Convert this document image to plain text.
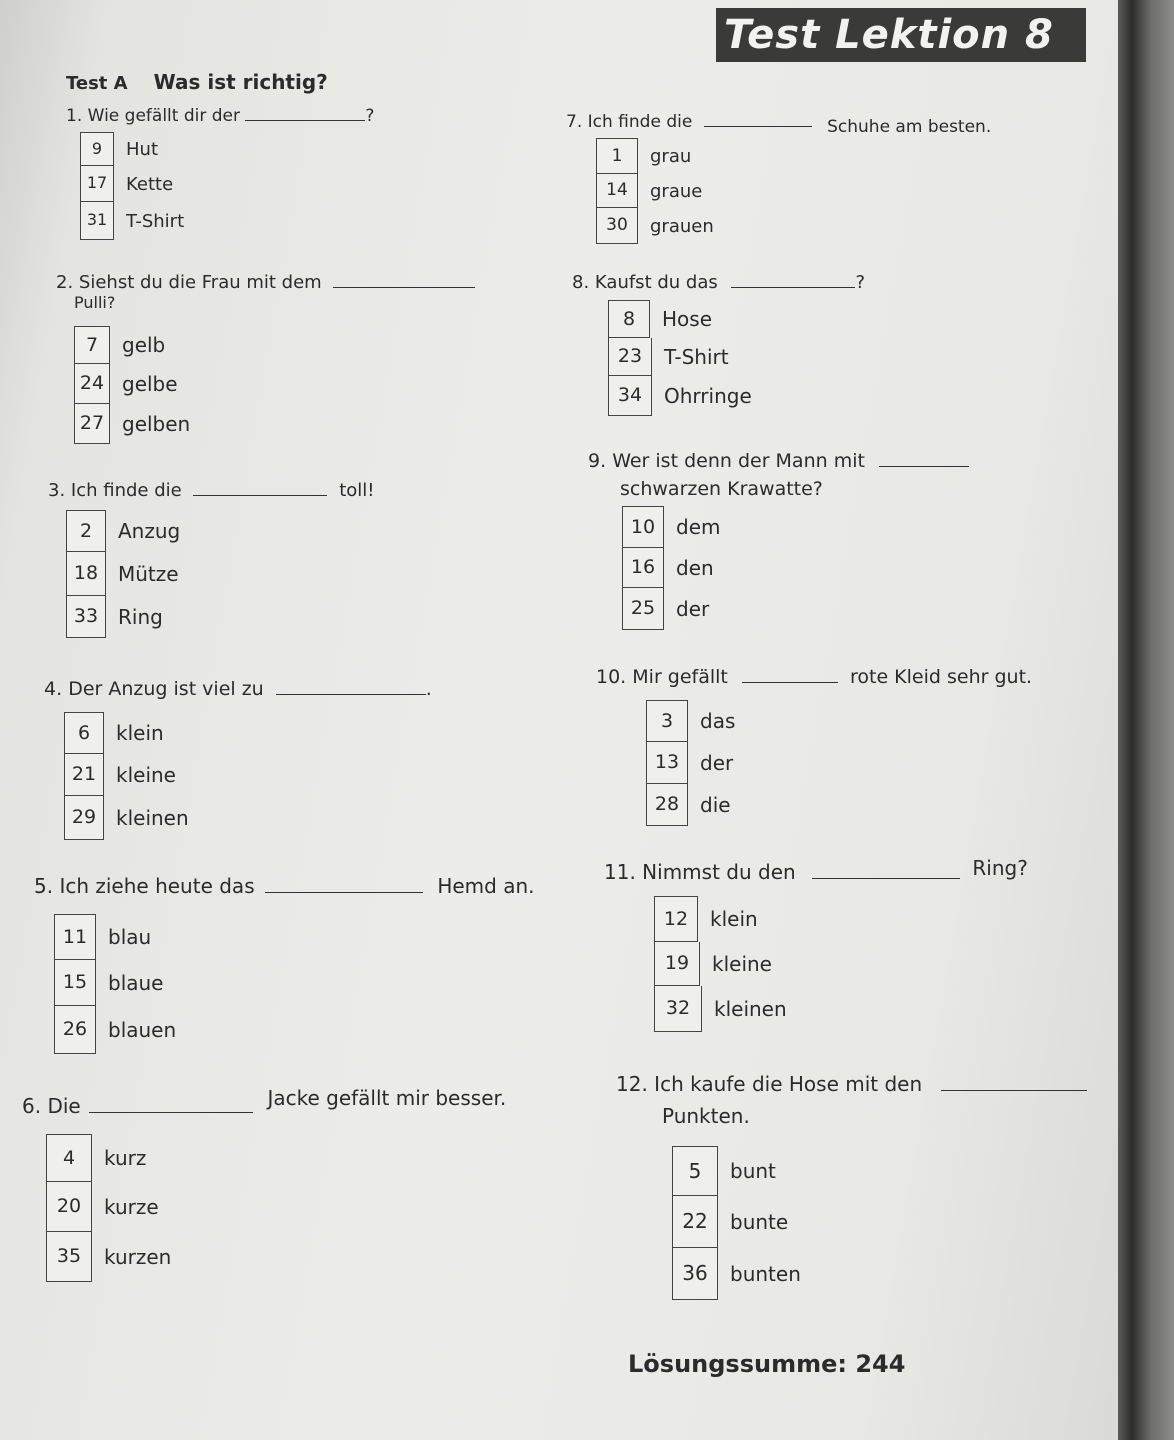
Test Lektion 8
Test A Was ist richtig?
1. Wie gefällt dir der	?
9	Hut
17	Kette
31	T-Shirt
2. Siehst du die Frau mit dem
Pulli?
7	gelb
24 gelbe
27 gelben
3. Ich finde die	toll!
2	Anzug
18 Mütze
33 Ring
4. Der Anzug ist viel zu	.
6	klein
21 kleine
29 kleinen
5. Ich ziehe heute das	Hemd an.
11	blau
15	blaue
26	blauen
6. Die	Jacke gefällt mir besser.
4	kurz
20	kurze
35	kurzen
7. Ich finde die	Schuhe am besten.
1	grau
14	graue
30	grauen
8. Kaufst du das	?
8	Hose
23	T-Shirt
34	Ohrringe
9. Wer ist denn der Mann mit
schwarzen Krawatte?
10	dem
16	den
25	der
10. Mir gefällt	rote Kleid sehr gut.
3	das
13	der
28	die
11. Nimmst du den	Ring?
12	klein
19	kleine
32	kleinen
12. Ich kaufe die Hose mit den
Punkten.
5	bunt
22	bunte
36	bunten
Lösungssumme: 244
